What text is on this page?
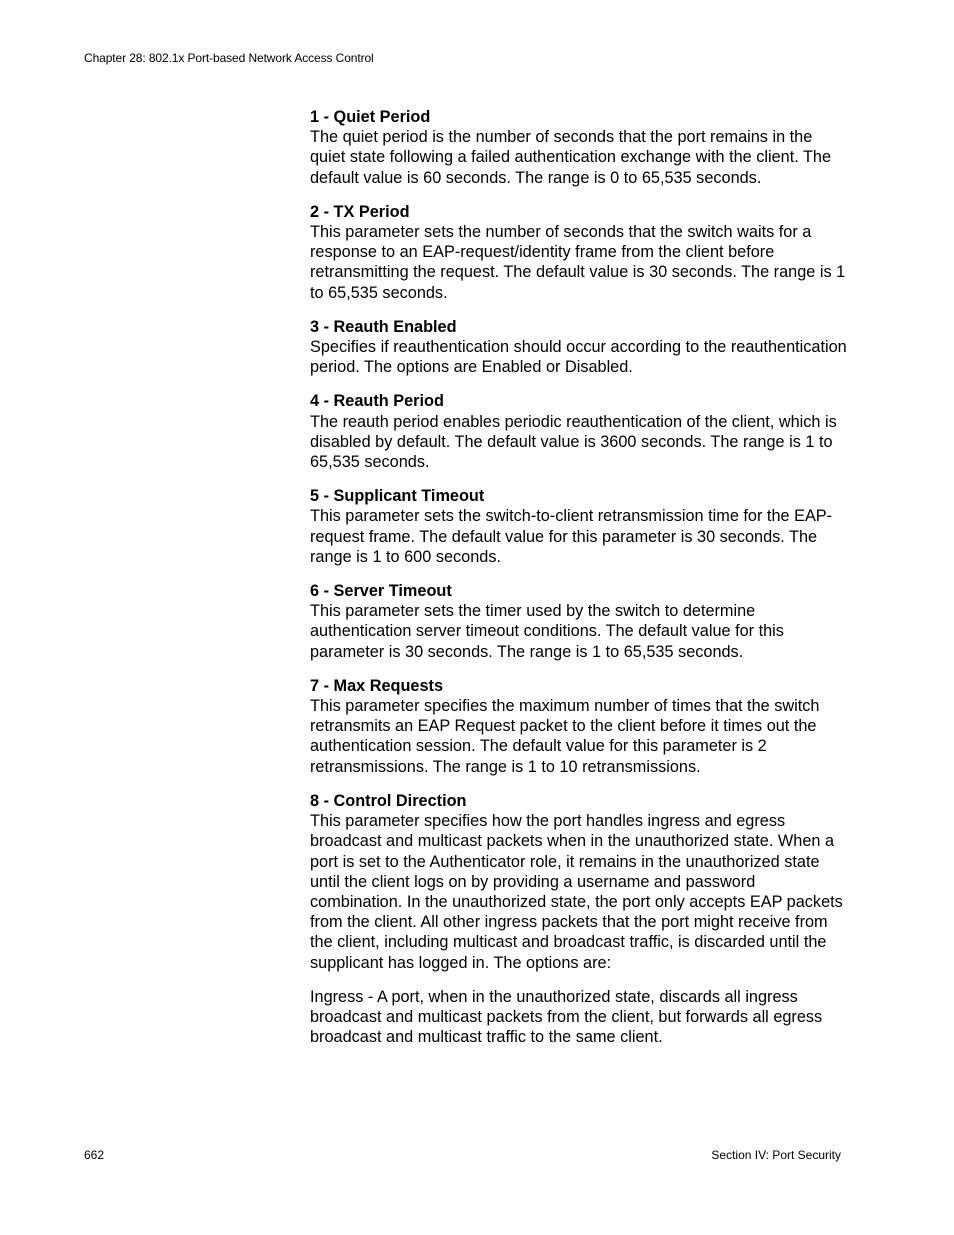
Chapter 28: 802.1x Port-based Network Access Control
1 - Quiet Period
The quiet period is the number of seconds that the port remains in the quiet state following a failed authentication exchange with the client. The default value is 60 seconds. The range is 0 to 65,535 seconds.
2 - TX Period
This parameter sets the number of seconds that the switch waits for a response to an EAP-request/identity frame from the client before retransmitting the request. The default value is 30 seconds. The range is 1 to 65,535 seconds.
3 - Reauth Enabled
Specifies if reauthentication should occur according to the reauthentication period. The options are Enabled or Disabled.
4 - Reauth Period
The reauth period enables periodic reauthentication of the client, which is disabled by default. The default value is 3600 seconds. The range is 1 to 65,535 seconds.
5 - Supplicant Timeout
This parameter sets the switch-to-client retransmission time for the EAP-request frame. The default value for this parameter is 30 seconds. The range is 1 to 600 seconds.
6 - Server Timeout
This parameter sets the timer used by the switch to determine authentication server timeout conditions. The default value for this parameter is 30 seconds. The range is 1 to 65,535 seconds.
7 - Max Requests
This parameter specifies the maximum number of times that the switch retransmits an EAP Request packet to the client before it times out the authentication session. The default value for this parameter is 2 retransmissions. The range is 1 to 10 retransmissions.
8 - Control Direction
This parameter specifies how the port handles ingress and egress broadcast and multicast packets when in the unauthorized state. When a port is set to the Authenticator role, it remains in the unauthorized state until the client logs on by providing a username and password combination. In the unauthorized state, the port only accepts EAP packets from the client. All other ingress packets that the port might receive from the client, including multicast and broadcast traffic, is discarded until the supplicant has logged in. The options are:

Ingress - A port, when in the unauthorized state, discards all ingress broadcast and multicast packets from the client, but forwards all egress broadcast and multicast traffic to the same client.

662	Section IV: Port Security
